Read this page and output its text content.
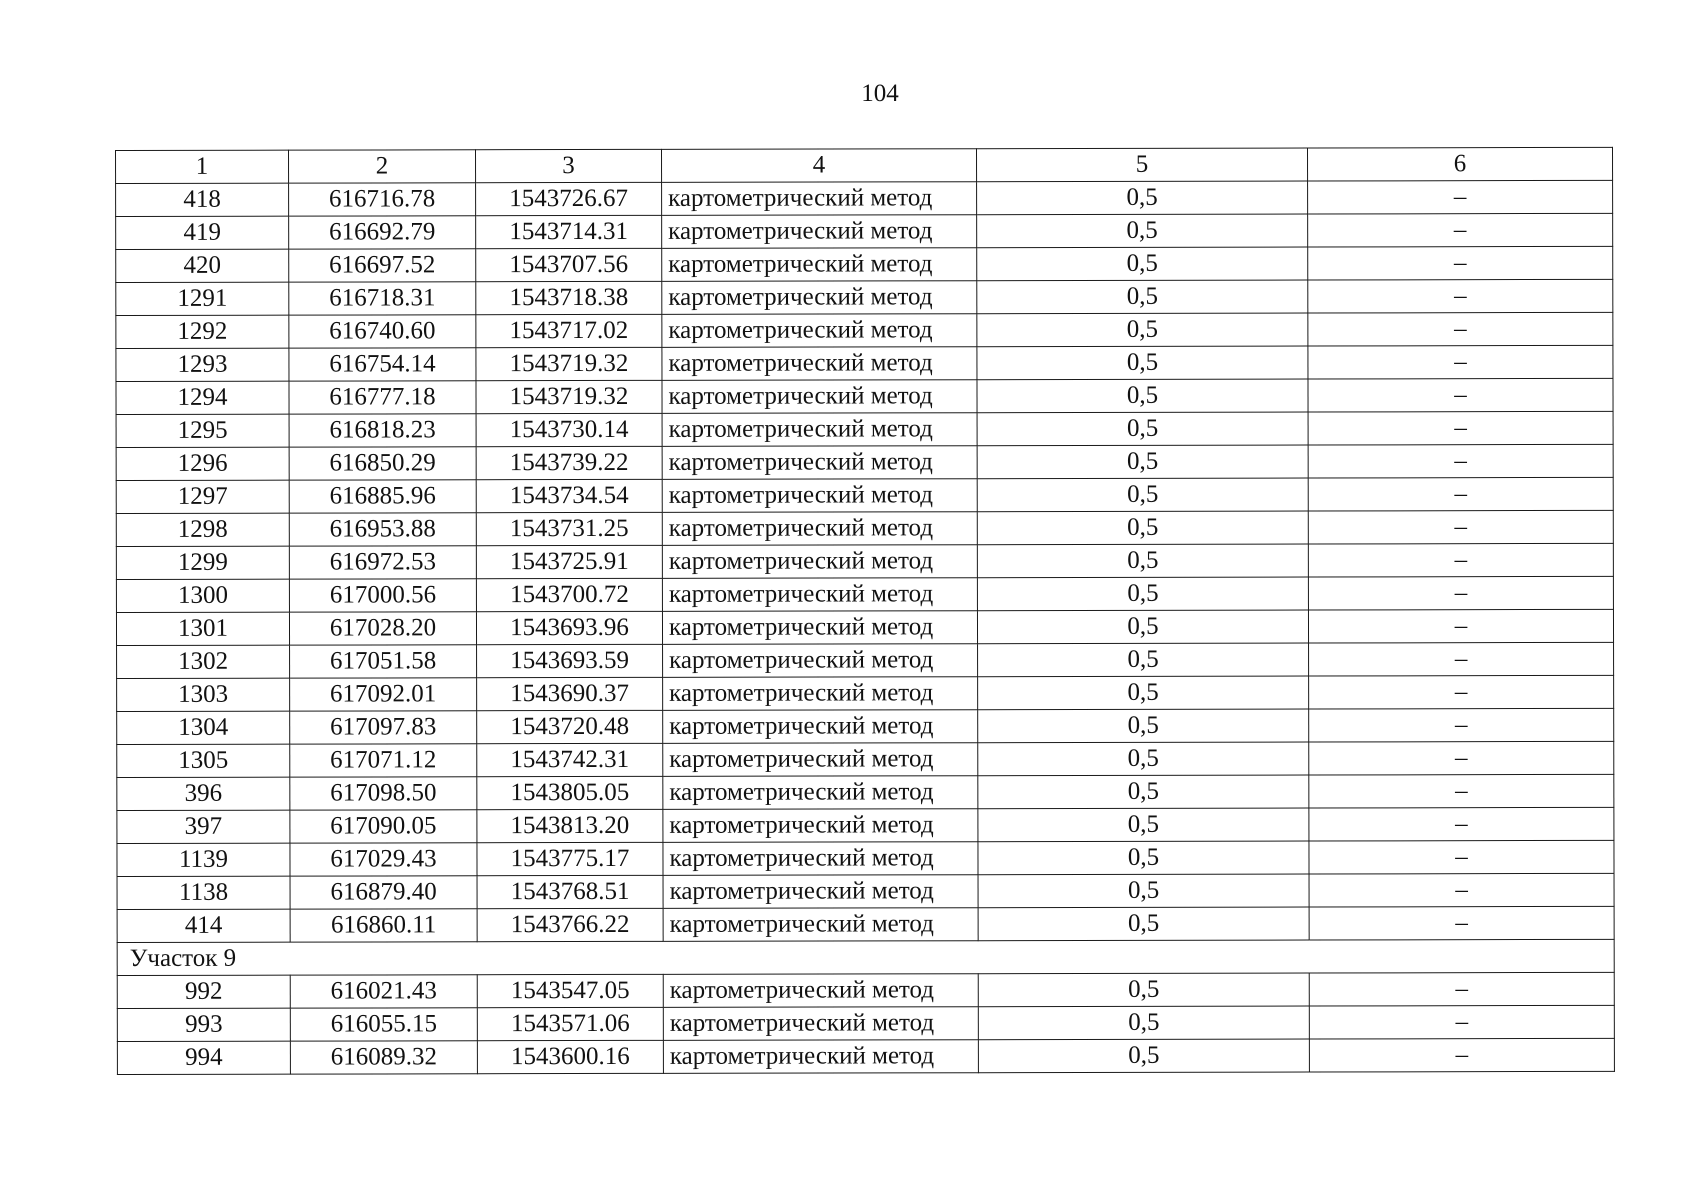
104
1	2	3	4	5	6
418	616716.78	1543726.67	картометрический метод	0,5	–
419	616692.79	1543714.31	картометрический метод	0,5	–
420	616697.52	1543707.56	картометрический метод	0,5	–
1291	616718.31	1543718.38	картометрический метод	0,5	–
1292	616740.60	1543717.02	картометрический метод	0,5	–
1293	616754.14	1543719.32	картометрический метод	0,5	–
1294	616777.18	1543719.32	картометрический метод	0,5	–
1295	616818.23	1543730.14	картометрический метод	0,5	–
1296	616850.29	1543739.22	картометрический метод	0,5	–
1297	616885.96	1543734.54	картометрический метод	0,5	–
1298	616953.88	1543731.25	картометрический метод	0,5	–
1299	616972.53	1543725.91	картометрический метод	0,5	–
1300	617000.56	1543700.72	картометрический метод	0,5	–
1301	617028.20	1543693.96	картометрический метод	0,5	–
1302	617051.58	1543693.59	картометрический метод	0,5	–
1303	617092.01	1543690.37	картометрический метод	0,5	–
1304	617097.83	1543720.48	картометрический метод	0,5	–
1305	617071.12	1543742.31	картометрический метод	0,5	–
396	617098.50	1543805.05	картометрический метод	0,5	–
397	617090.05	1543813.20	картометрический метод	0,5	–
1139	617029.43	1543775.17	картометрический метод	0,5	–
1138	616879.40	1543768.51	картометрический метод	0,5	–
414	616860.11	1543766.22	картометрический метод	0,5	–
Участок 9					
992	616021.43	1543547.05	картометрический метод	0,5	–
993	616055.15	1543571.06	картометрический метод	0,5	–
994	616089.32	1543600.16	картометрический метод	0,5	–
